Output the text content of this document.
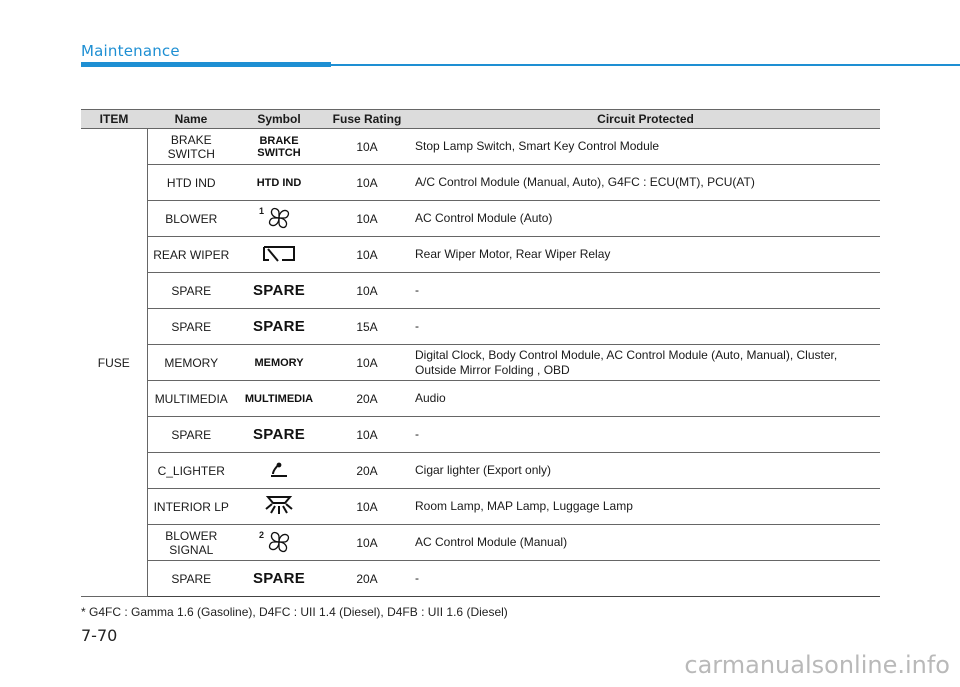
Maintenance
ITEM	Name	Symbol	Fuse Rating	Circuit Protected
FUSE	BRAKE SWITCH	BRAKE SWITCH	10A	Stop Lamp Switch, Smart Key Control Module
	HTD IND	HTD IND	10A	A/C Control Module (Manual, Auto), G4FC : ECU(MT), PCU(AT)
	BLOWER	1	10A	AC Control Module (Auto)
	REAR WIPER		10A	Rear Wiper Motor, Rear Wiper Relay
	SPARE	SPARE	10A	-
	SPARE	SPARE	15A	-
	MEMORY	MEMORY	10A	Digital Clock, Body Control Module, AC Control Module (Auto, Manual), Cluster, Outside Mirror Folding , OBD
	MULTIMEDIA	MULTIMEDIA	20A	Audio
	SPARE	SPARE	10A	-
	C_LIGHTER		20A	Cigar lighter (Export only)
	INTERIOR LP		10A	Room Lamp, MAP Lamp, Luggage Lamp

	BLOWER SIGNAL	2	10A	AC Control Module (Manual)
	SPARE	SPARE	20A	-
* G4FC : Gamma 1.6 (Gasoline), D4FC : UII 1.4 (Diesel), D4FB : UII 1.6 (Diesel)
7-70
carmanualsonline.info
